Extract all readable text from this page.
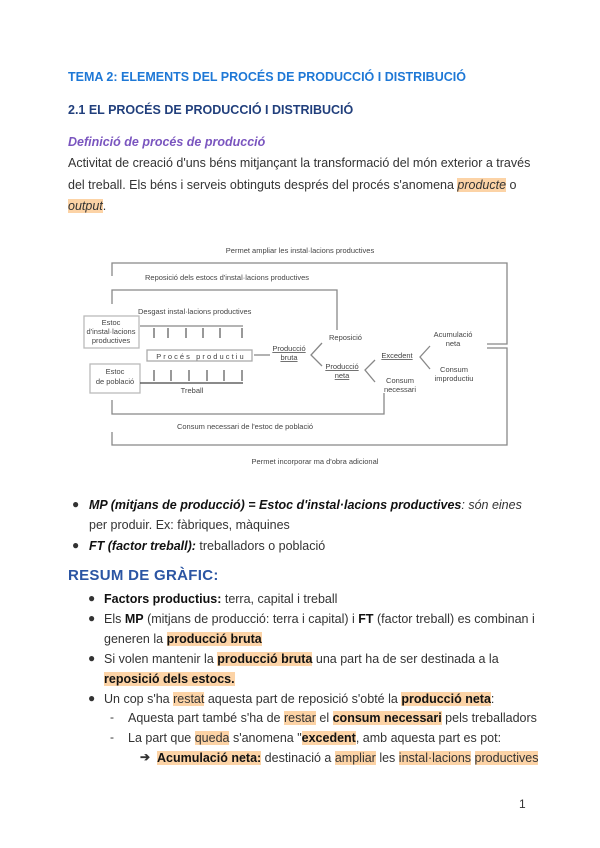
TEMA 2: ELEMENTS DEL PROCÉS DE PRODUCCIÓ I DISTRIBUCIÓ
2.1 EL PROCÉS DE PRODUCCIÓ I DISTRIBUCIÓ
Definició de procés de producció
Activitat de creació d'uns béns mitjançant la transformació del món exterior a través
del treball. Els béns i serveis obtinguts després del procés s'anomena producte o
output.
Permet ampliar les instal·lacions productives
Reposició dels estocs d'instal·lacions productives
Desgast instal·lacions productives
Estoc
d'instal·lacions
productives
P r o c é s   p r o d u c t i u
Estoc
de població
Treball
Producció
bruta
Reposició
Producció
neta
Excedent
Consum
necessari
Acumulació
neta
Consum
improductiu
Consum necessari de l'estoc de població
Permet incorporar ma d'obra adicional
● MP (mitjans de producció) = Estoc d'instal·lacions productives: són eines
per produir. Ex: fàbriques, màquines
● FT (factor treball): treballadors o població
RESUM DE GRÀFIC:
● Factors productius: terra, capital i treball
● Els MP (mitjans de producció: terra i capital) i FT (factor treball) es combinan i
generen la producció bruta
● Si volen mantenir la producció bruta una part ha de ser destinada a la
reposició dels estocs.
● Un cop s'ha restat aquesta part de reposició s'obté la producció neta:
- Aquesta part també s'ha de restar el consum necessari pels treballadors
- La part que queda s'anomena "excedent, amb aquesta part es pot:
➔ Acumulació neta: destinació a ampliar les instal·lacions productives
1
